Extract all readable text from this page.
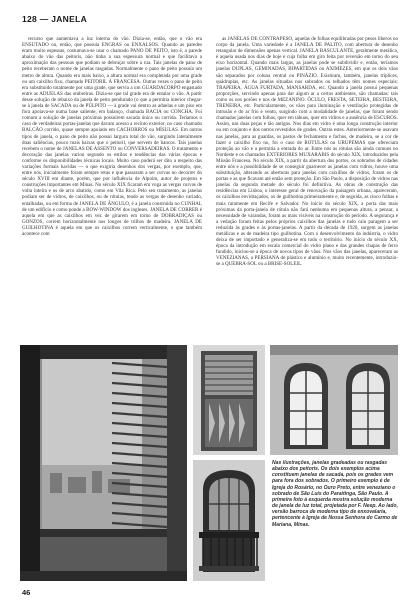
128 — JANELA

recurso que aumentava a luz interna do vão. Dizia-se, então, que o vão era ENSUTADO ou, então, que possuía ENGRAS ou ENXALSOS. Quando as paredes eram muito espessas, costumava-se usar o chamado PANO DE PEITO, isto é, a parede abaixo do vão das peitoris, não tinha a sua espessura normal e que facilitava a aproximação das pessoas que podiam se debruçar sobre a rua. Tais janelas de pano de peito receberam o nome de janelas rasgadas. Normalmente o pano de peito possuía um metro de altura. Quando era mais baixo, a altura normal era completada por uma grade ou um caixilho fixo, chamado PEITORIL À FRANCESA. Outras vezes o pano de peito era substituído totalmente por uma grade, que servia a um GUARDACORPO engastado entre as ADUELAS das ombreiras. Dizia-se que tal grade era de entalar o vão. A partir desse solução de rebaixo da janela de peito pendurado (o que a permitia interior chegar-se à janela de SACADA ou de PÚLPITO — à grade vai dentro as aduelas e um piso em fora apoiava-se numa base saliente, em balanço, chamada BACIA ou CONCHA. Foi comum a solução de janelas próximas possuírem sacada única ou corrida. Teríamos o caso de verdadeiras portas-janelas que davam acesso a recinto exterior, no caso chamado BALCÃO corrido, quase sempre apoiado em CACHORROS ou MÍSULAS. Em outros tipos de janela, o pano de peito não possui largura total do vão, surgindo lateralmente duas saliências, pouco mais baixas que o peitoril, que servem de bancos. Tais janelas recebem o nome de JANELAS DE ASSENTO ou CONVERSADEIRAS. O tratamento e decoração das janelas variou segundo os estilos e tendências das várias épocas e conforme os disponibilidades técnicas locais. Muito caso poderá ser dito a respeito das variações formais havidas — o que exigiria desenhos dos vergas, por exemplo, que, entre nós, inicialmente foram sempre retas e que passaram a ser curvas no decorrer do século XVIII em diante, porém, que por influência de Alpoim, autor de projetos e construções importantes em Minas. No século XIX ficaram em voga as vergas curvas de volta inteira e os de arco abatido, como em Vila Rica. Pelo seu tratamento, as janelas podiam ser de vidros, de caixilhos, ou de rótulas, tendo as vergas de desenho variado, entalhadas, ou em forma de JANELA DE ÂNGULO, é a janela construída no CUNHAL de um edifício e como ponde a BOW-WINDOW dos ingleses. JANELA DE CORRER é aquela em que as caixilhos em vez de girarem em torno de DOBRADIÇAS ou GONZOS, correm horizontalmente nos longos de trilhos de madeira. JANELA DE GUILHOTINA é aquela em que os caixilhos correm verticalmente, o que também acontece com

as JANELAS DE CONTRAPESO, aquelas de folhas equilibradas por pesos liberos no corpo da janela. Uma variedade é a JANELA DE PALITO, com abertura de desenho retangular de dimensões apenas vertical. JANELA BASCULANTE, geralmente metálica, é aquela usada nos dias de hoje e cuja folha em giro feita por reversão em torno do seu eixo horizontal. Quando mais largas, as janelas pode se subdividir e, então, teríamos janelas DUPLAS, GEMINADAS, BIPARTIDAS ou AXIMEZES, em que os dois vãos são separados por coluna central ou PINÁZIO. Existiram, também, janelas tríplices, quádruplas, etc. As janelas situadas nos sobrados ou telhados têm nomes especiais: TRAPEIRA, ÁGUA FURTADA, MANSARDA, etc. Quando a janela possui pequenas proporções, servindo apenas para dar algum ar a certos ambientes, são chamadas: tais como os nos porões e nos de MEZANINO. ÓCULO, FRESTA, SETEIRA, BESTEIRA, TRENEIRA, etc. Particularmente, os vãos para iluminação e ventilação protegidas de intrusão e do ar frio e vento, surgindo com a modalidade de janelas, que foram sendo chamadas janelas com folhas, quer em tábuas, quer em vidros e a ausência de ESCUROS. Assim, nas duas peças e tão antigos. Nos dias em vidro é uma longa construção interior ou em conjunto e dos outros revestidos de grades. Outras estes. Anteriormente se usavam nas janelas, para as guardas, os pastos de fechamento e fachos, de madeira, se a cor de fazer o caixilho fixo no, foi o caso de ROTULAS ou URUPEMAS que ofereciam proteção ao vão e a permitia a entrada do ar. Entre nós as rótulas são ainda comuns no Nordeste e os chamados EXTERIORES MUXARABIS do século XIX, introduzidos pela Missão Francesa. No século XIX, a partir da abertura dos portos, os sobrados de cidades entre nós e a possibilidade de se conseguir guarnecer as janelas com vidros, houve uma substituição, alterando as aberturas para janelas com caixilhos de vidros, foram os de portas e as que ficavam até então sem proteção. Em São Paulo, a disposição de vidros nas janelas da segunda metade do século foi definitiva. As obras de construção das residências em Lisboa, o interesse geral de renovação da paisagem urbana, apareceram, os caixilhos envidraçados, os de guilhotina primeiramente e, de seguida, as cinco folhas e mais raramente em Recife e Salvador. No início do século XIX, a porta das mais próximas da porta-janela de rótula não fará nenhuma em pequenas altura, a pensar, a necessidade de varandas, foram as mais visíveis na construção do período. A segurança e a vedação foram feitas pelos próprios caixilhos das janelas e tudo caiu paragem a ser reduzida às grades e às portas-janelas. A partir da década de 1920, surgem as janelas metálicas e as de madeira tipo guilhotina. Com o desenvolvimento da indústria, o vidro deixa de ser importado e generaliza-se em todo o território. No início do século XX, época da introdução em escala comercial do vidro plano e das grandes chapas de ferro fundido, iniciou-se a época de novos tipos de vãos. Nos vãos das janelas, apareceram as VENEZIANAS, a PERSIANA de plástico e alumínio e, muito recentemente, introduziu-se a QUEBRA-SOL ou a BRISE-SOLEIL.

Nas ilustrações, janelas gradeadas ou rasgadas abaixo dos peitoris. Os dois exemplos acima constituem janelas de sacada, pois os grades vem para fora dos sobrados. O primeiro exemplo é de Igreja do Rosário, no Ouro Preto, entre veneziano o sobrado de São Luís do Paraitinga, São Paulo. A primeira foto à esquerda mostra solução moderna de janela de luz total, projetada por F. Neep. Ao lado, versão barroca de moderna tipo de enxovalaria, pertencente à Igreja de Nossa Senhora do Carmo de Mariana, Minas.
46
